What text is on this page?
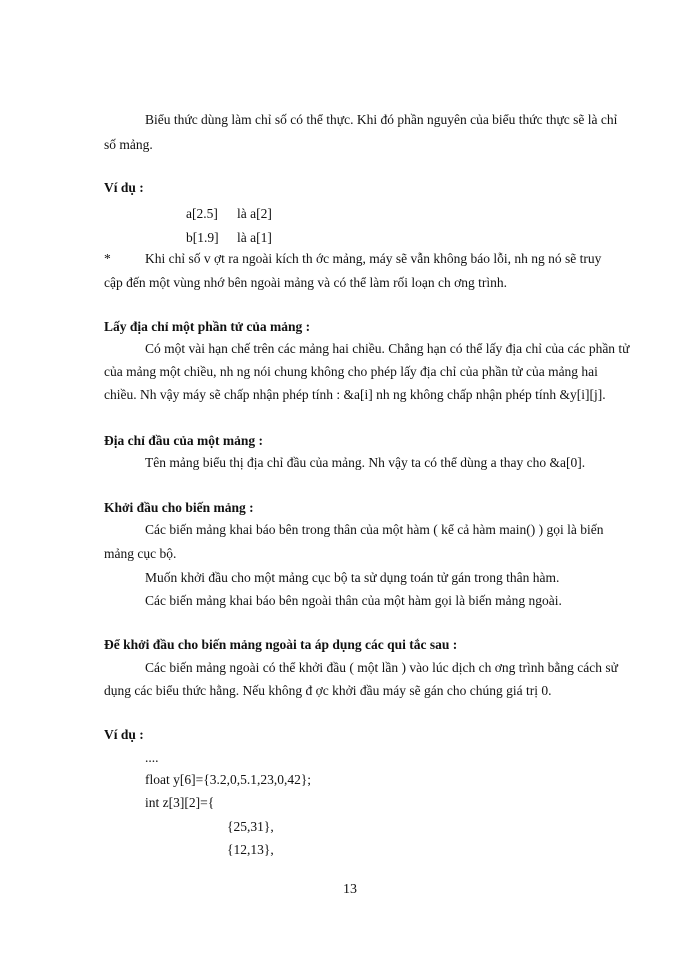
Biểu thức dùng làm chỉ số có thể thực. Khi đó phần nguyên của biểu thức thực sẽ là chỉ
số mảng.
Ví dụ :
a[2.5] là a[2]
b[1.9] là a[1]
*	Khi chỉ số v ợt ra ngoài kích th ớc mảng, máy sẽ vẫn không báo lỗi, nh ng nó sẽ truy
cập đến một vùng nhớ bên ngoài mảng và có thể làm rối loạn ch ơng trình.
Lấy địa chỉ một phần tử của mảng :
Có một vài hạn chế trên các mảng hai chiều. Chẳng hạn có thể lấy địa chỉ của các phần tử
của mảng một chiều, nh ng nói chung không cho phép lấy địa chỉ của phần tử của mảng hai
chiều. Nh vậy máy sẽ chấp nhận phép tính : &a[i] nh ng không chấp nhận phép tính &y[i][j].
Địa chỉ đầu của một mảng :
Tên mảng biểu thị địa chỉ đầu của mảng. Nh vậy ta có thể dùng a thay cho &a[0].
Khởi đầu cho biến mảng :
Các biến mảng khai báo bên trong thân của một hàm ( kể cả hàm main() ) gọi là biến
mảng cục bộ.
Muốn khởi đầu cho một mảng cục bộ ta sử dụng toán tử gán trong thân hàm.
Các biến mảng khai báo bên ngoài thân của một hàm gọi là biến mảng ngoài.
Để khởi đầu cho biến mảng ngoài ta áp dụng các qui tắc sau :
Các biến mảng ngoài có thể khởi đầu ( một lần ) vào lúc dịch ch ơng trình bằng cách sử
dụng các biểu thức hằng. Nếu không đ ợc khởi đầu máy sẽ gán cho chúng giá trị 0.
Ví dụ :
....
float y[6]={3.2,0,5.1,23,0,42};
int z[3][2]={
{25,31},
{12,13},
13
